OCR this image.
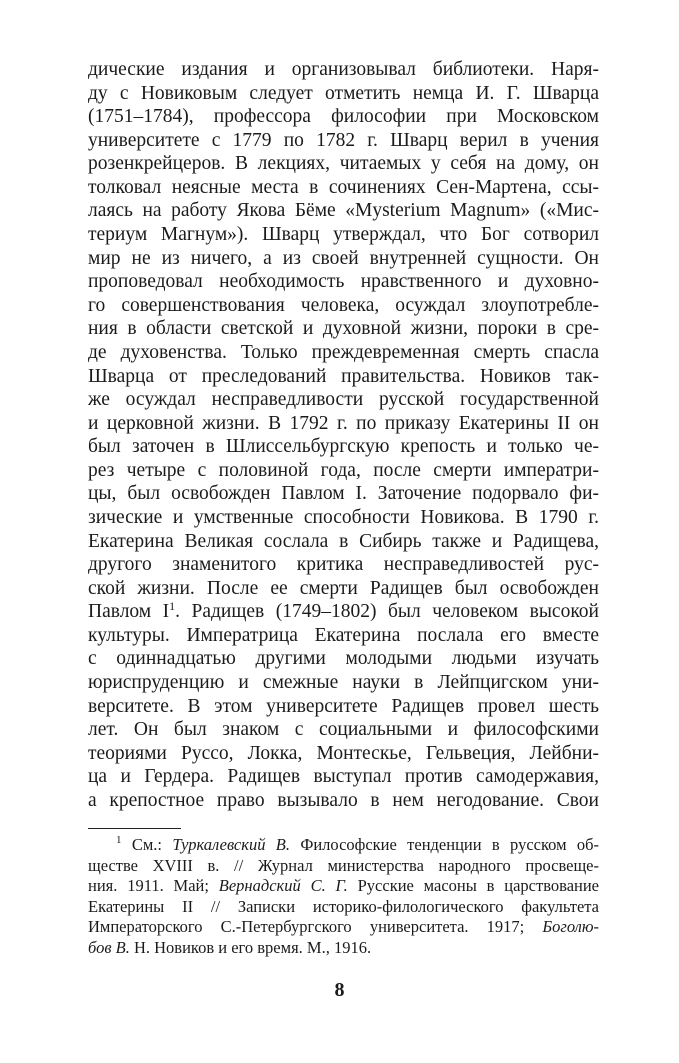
дические издания и организовывал библиотеки. Наря-
ду с Новиковым следует отметить немца И. Г. Шварца
(1751–1784), профессора философии при Московском
университете с 1779 по 1782 г. Шварц верил в учения
розенкрейцеров. В лекциях, читаемых у себя на дому, он
толковал неясные места в сочинениях Сен-Мартена, ссы-
лаясь на работу Якова Бёме «Mysterium Magnum» («Мис-
териум Магнум»). Шварц утверждал, что Бог сотворил
мир не из ничего, а из своей внутренней сущности. Он
проповедовал необходимость нравственного и духовно-
го совершенствования человека, осуждал злоупотребле-
ния в области светской и духовной жизни, пороки в сре-
де духовенства. Только преждевременная смерть спасла
Шварца от преследований правительства. Новиков так-
же осуждал несправедливости русской государственной
и церковной жизни. В 1792 г. по приказу Екатерины II он
был заточен в Шлиссельбургскую крепость и только че-
рез четыре с половиной года, после смерти императри-
цы, был освобожден Павлом I. Заточение подорвало фи-
зические и умственные способности Новикова. В 1790 г.
Екатерина Великая сослала в Сибирь также и Радищева,
другого знаменитого критика несправедливостей рус-
ской жизни. После ее смерти Радищев был освобожден
Павлом I$^1$. Радищев (1749–1802) был человеком высокой
культуры. Императрица Екатерина послала его вместе
с одиннадцатью другими молодыми людьми изучать
юриспруденцию и смежные науки в Лейпцигском уни-
верситете. В этом университете Радищев провел шесть
лет. Он был знаком с социальными и философскими
теориями Руссо, Локка, Монтескье, Гельвеция, Лейбни-
ца и Гердера. Радищев выступал против самодержавия,
а крепостное право вызывало в нем негодование. Свои
$^1$ См.: Туркалевский В. Философские тенденции в русском об-
ществе XVIII в. // Журнал министерства народного просвеще-
ния. 1911. Май; Вернадский С. Г. Русские масоны в царствование
Екатерины II // Записки историко-филологического факультета
Императорского С.-Петербургского университета. 1917; Боголю-
бов В. Н. Новиков и его время. М., 1916.
8
